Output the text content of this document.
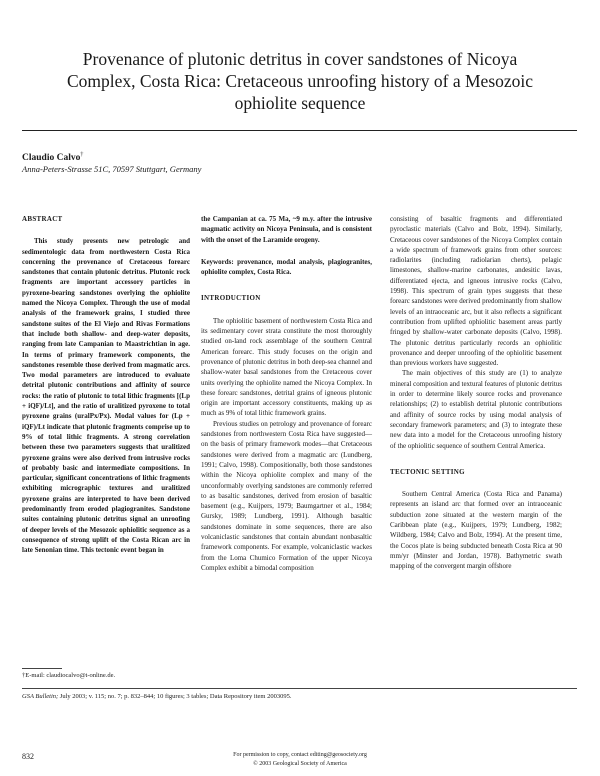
Provenance of plutonic detritus in cover sandstones of Nicoya Complex, Costa Rica: Cretaceous unroofing history of a Mesozoic ophiolite sequence
Claudio Calvo†
Anna-Peters-Strasse 51C, 70597 Stuttgart, Germany
ABSTRACT

This study presents new petrologic and sedimentologic data from northwestern Costa Rica concerning the provenance of Cretaceous forearc sandstones that contain plutonic detritus. Plutonic rock fragments are important accessory particles in pyroxene-bearing sandstones overlying the ophiolite named the Nicoya Complex. Through the use of modal analysis of the framework grains, I studied three sandstone suites of the El Viejo and Rivas Formations that include both shallow- and deep-water deposits, ranging from late Campanian to Maastrichtian in age. In terms of primary framework components, the sandstones resemble those derived from magmatic arcs. Two modal parameters are introduced to evaluate detrital plutonic contributions and affinity of source rocks: the ratio of plutonic to total lithic fragments [(Lp + iQF)/Lt], and the ratio of uralitized pyroxene to total pyroxene grains (uralPx/Px). Modal values for (Lp + iQF)/Lt indicate that plutonic fragments comprise up to 9% of total lithic fragments. A strong correlation between these two parameters suggests that uralitized pyroxene grains were also derived from intrusive rocks of probably basic and intermediate compositions. In particular, significant concentrations of lithic fragments exhibiting micrographic textures and uralitized pyroxene grains are interpreted to have been derived predominantly from eroded plagiogranites. Sandstone suites containing plutonic detritus signal an unroofing of deeper levels of the Mesozoic ophiolitic sequence as a consequence of strong uplift of the Costa Rican arc in late Senonian time. This tectonic event began in

the Campanian at ca. 75 Ma, ~9 m.y. after the intrusive magmatic activity on Nicoya Peninsula, and is consistent with the onset of the Laramide orogeny.

Keywords: provenance, modal analysis, plagiogranites, ophiolite complex, Costa Rica.

INTRODUCTION

The ophiolitic basement of northwestern Costa Rica and its sedimentary cover strata constitute the most thoroughly studied on-land rock assemblage of the southern Central American forearc. This study focuses on the origin and provenance of plutonic detritus in both deep-sea channel and shallow-water basal sandstones from the Cretaceous cover units overlying the ophiolite named the Nicoya Complex. In these forearc sandstones, detrital grains of igneous plutonic origin are important accessory constituents, making up as much as 9% of total lithic framework grains.

Previous studies on petrology and provenance of forearc sandstones from northwestern Costa Rica have suggested—on the basis of primary framework modes—that Cretaceous sandstones were derived from a magmatic arc (Lundberg, 1991; Calvo, 1998). Compositionally, both those sandstones within the Nicoya ophiolite complex and many of the unconformably overlying sandstones are commonly referred to as basaltic sandstones, derived from erosion of basaltic basement (e.g., Kuijpers, 1979; Baumgartner et al., 1984; Gursky, 1989; Lundberg, 1991). Although basaltic sandstones dominate in some sequences, there are also volcaniclastic sandstones that contain abundant nonbasaltic framework components. For example, volcaniclastic wackes from the Loma Chumico Formation of the upper Nicoya Complex exhibit a bimodal composition

consisting of basaltic fragments and differentiated pyroclastic materials (Calvo and Bolz, 1994). Similarly, Cretaceous cover sandstones of the Nicoya Complex contain a wide spectrum of framework grains from other sources: radiolarites (including radiolarian cherts), pelagic limestones, shallow-marine carbonates, andesitic lavas, differentiated ejecta, and igneous intrusive rocks (Calvo, 1998). This spectrum of grain types suggests that these forearc sandstones were derived predominantly from shallow levels of an intraoceanic arc, but it also reflects a significant contribution from uplifted ophiolitic basement areas partly fringed by shallow-water carbonate deposits (Calvo, 1998). The plutonic detritus particularly records an ophiolitic provenance and deeper unroofing of the ophiolitic basement than previous workers have suggested.

The main objectives of this study are (1) to analyze mineral composition and textural features of plutonic detritus in order to determine likely source rocks and provenance relationships; (2) to establish detrital plutonic contributions and affinity of source rocks by using modal analysis of secondary framework parameters; and (3) to integrate these new data into a model for the Cretaceous unroofing history of the ophiolitic sequence of southern Central America.

TECTONIC SETTING

Southern Central America (Costa Rica and Panama) represents an island arc that formed over an intraoceanic subduction zone situated at the western margin of the Caribbean plate (e.g., Kuijpers, 1979; Lundberg, 1982; Wildberg, 1984; Calvo and Bolz, 1994). At the present time, the Cocos plate is being subducted beneath Costa Rica at 90 mm/yr (Minster and Jordan, 1978). Bathymetric swath mapping of the convergent margin offshore

†E-mail: claudiocalvo@t-online.de.
GSA Bulletin; July 2003; v. 115; no. 7; p. 832–844; 10 figures; 3 tables; Data Repository item 2003095.
832	For permission to copy, contact editing@geosociety.org
© 2003 Geological Society of America
